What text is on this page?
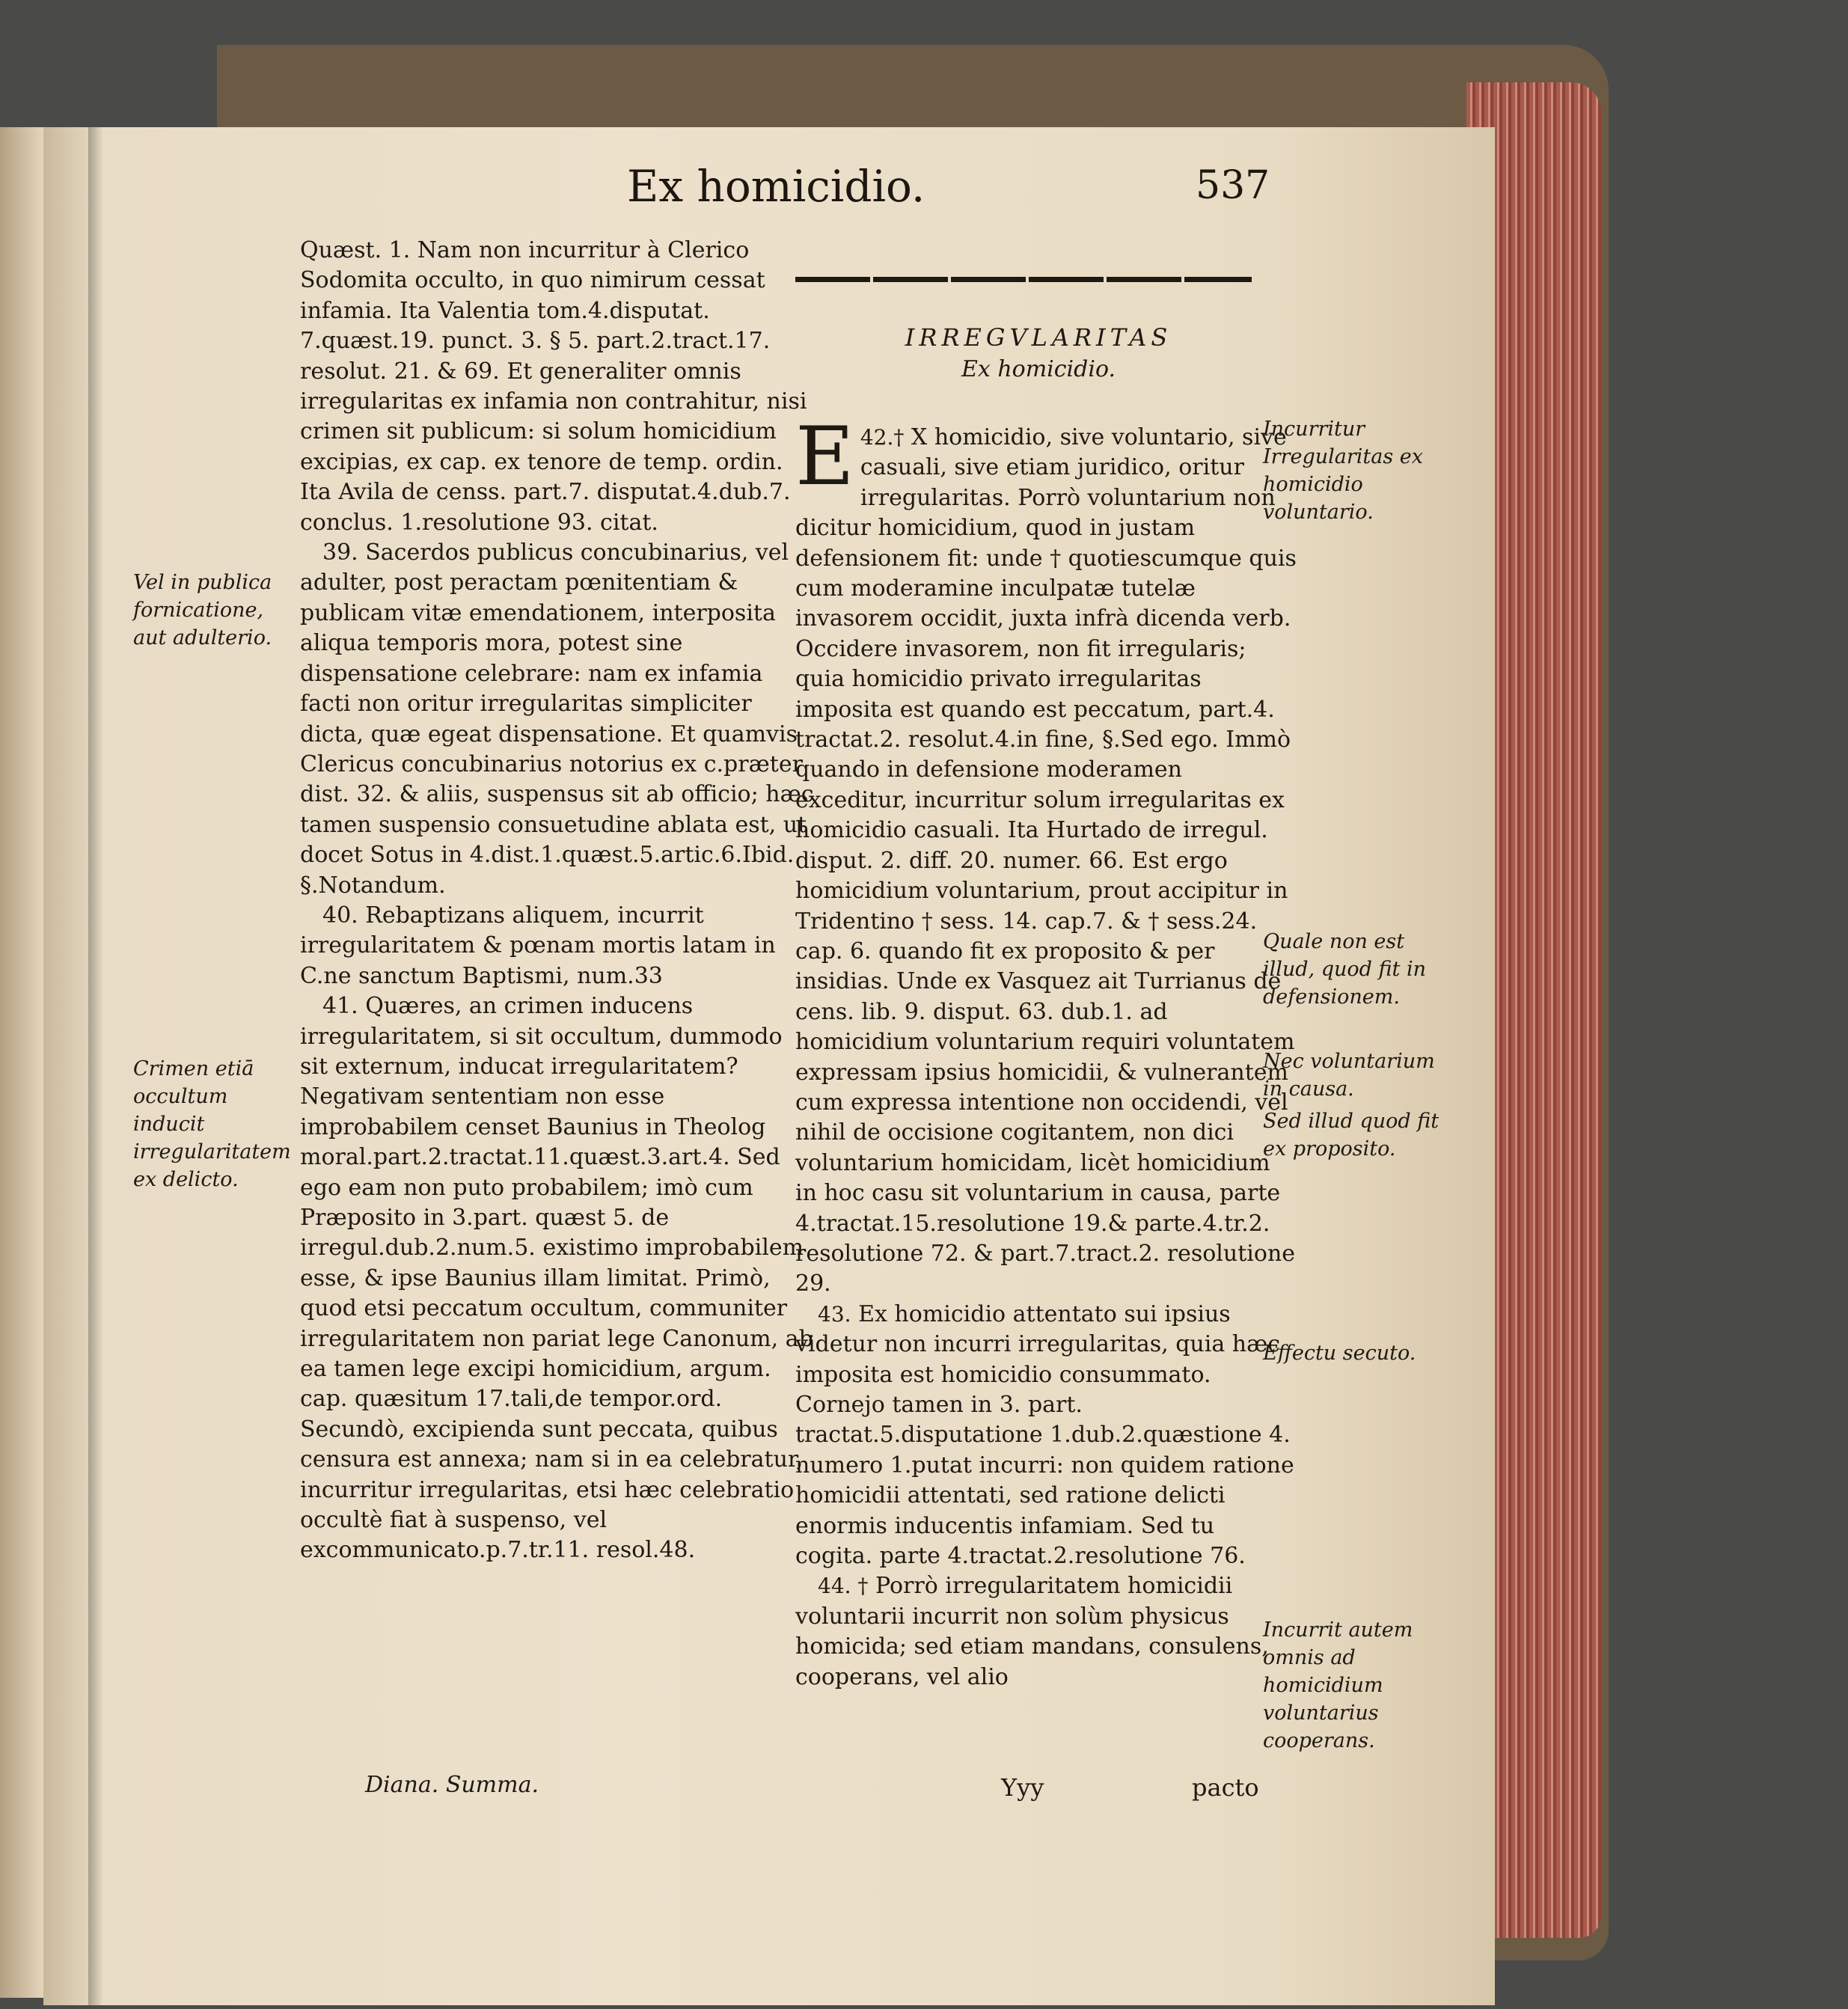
Ex homicidio.	537

Quæst. 1. Nam non incurritur à Clerico Sodomita occulto, in quo nimirum cessat infamia. Ita Valentia tom.4.disputat. 7.quæst.19. punct. 3. § 5. part.2.tract.17. resolut. 21. & 69. Et generaliter omnis irregularitas ex infamia non contrahitur, nisi crimen sit publicum: si solum homicidium excipias, ex cap. ex tenore de temp. ordin. Ita Avila de censs. part.7. disputat.4.dub.7. conclus. 1.resolutione 93. citat.

39. Sacerdos publicus concubinarius, vel adulter, post peractam pœnitentiam & publicam vitæ emendationem, interposita aliqua temporis mora, potest sine dispensatione celebrare: nam ex infamia facti non oritur irregularitas simpliciter dicta, quæ egeat dispensatione. Et quamvis Clericus concubinarius notorius ex c.præter dist. 32. & aliis, suspensus sit ab officio; hæc tamen suspensio consuetudine ablata est, ut docet Sotus in 4.dist.1.quæst.5.artic.6.Ibid. §.Notandum.

40. Rebaptizans aliquem, incurrit irregularitatem & pœnam mortis latam in C.ne sanctum Baptismi, num.33

41. Quæres, an crimen inducens irregularitatem, si sit occultum, dummodo sit externum, inducat irregularitatem? Negativam sententiam non esse improbabilem censet Baunius in Theolog moral.part.2.tractat.11.quæst.3.art.4. Sed ego eam non puto probabilem; imò cum Præposito in 3.part. quæst 5. de irregul.dub.2.num.5. existimo improbabilem esse, & ipse Baunius illam limitat. Primò, quod etsi peccatum occultum, communiter irregularitatem non pariat lege Canonum, ab ea tamen lege excipi homicidium, argum. cap. quæsitum 17.tali,de tempor.ord. Secundò, excipienda sunt peccata, quibus censura est annexa; nam si in ea celebratur, incurritur irregularitas, etsi hæc celebratio occultè fiat à suspenso, vel excommunicato.p.7.tr.11. resol.48.

IRREGVLARITAS
Ex homicidio.

42.†
E	X homicidio, sive voluntario, sive casuali, sive etiam juridico, oritur irregularitas. Porrò voluntarium non dicitur homicidium, quod in justam defensionem fit: unde † quotiescumque quis cum moderamine inculpatæ tutelæ invasorem occidit, juxta infrà dicenda verb. Occidere invasorem, non fit irregularis; quia homicidio privato irregularitas imposita est quando est peccatum, part.4. tractat.2. resolut.4.in fine, §.Sed ego. Immò quando in defensione moderamen exceditur, incurritur solum irregularitas ex homicidio casuali. Ita Hurtado de irregul. disput. 2. diff. 20. numer. 66. Est ergo homicidium voluntarium, prout accipitur in Tridentino † sess. 14. cap.7. & † sess.24. cap. 6. quando fit ex proposito & per insidias. Unde ex Vasquez ait Turrianus de cens. lib. 9. disput. 63. dub.1. ad homicidium voluntarium requiri voluntatem expressam ipsius homicidii, & vulnerantem cum expressa intentione non occidendi, vel nihil de occisione cogitantem, non dici voluntarium homicidam, licèt homicidium in hoc casu sit voluntarium in causa, parte 4.tractat.15.resolutione 19.& parte.4.tr.2. resolutione 72. & part.7.tract.2. resolutione 29.

43. Ex homicidio attentato sui ipsius videtur non incurri irregularitas, quia hæc imposita est homicidio consummato. Cornejo tamen in 3. part. tractat.5.disputatione 1.dub.2.quæstione 4. numero 1.putat incurri: non quidem ratione homicidii attentati, sed ratione delicti enormis inducentis infamiam. Sed tu cogita. parte 4.tractat.2.resolutione 76.

44. † Porrò irregularitatem homicidii voluntarii incurrit non solùm physicus homicida; sed etiam mandans, consulens, cooperans, vel alio

Vel in publica fornicatione, aut adulterio.
Crimen etiā occultum inducit irregularitatem ex delicto.
Incurritur Irregularitas ex homicidio voluntario.
Quale non est illud, quod fit in defensionem.
Nec voluntarium in causa.
Sed illud quod fit ex proposito.
Effectu secuto.
Incurrit autem omnis ad homicidium voluntarius cooperans.
Yyy	pacto
Diana. Summa.
